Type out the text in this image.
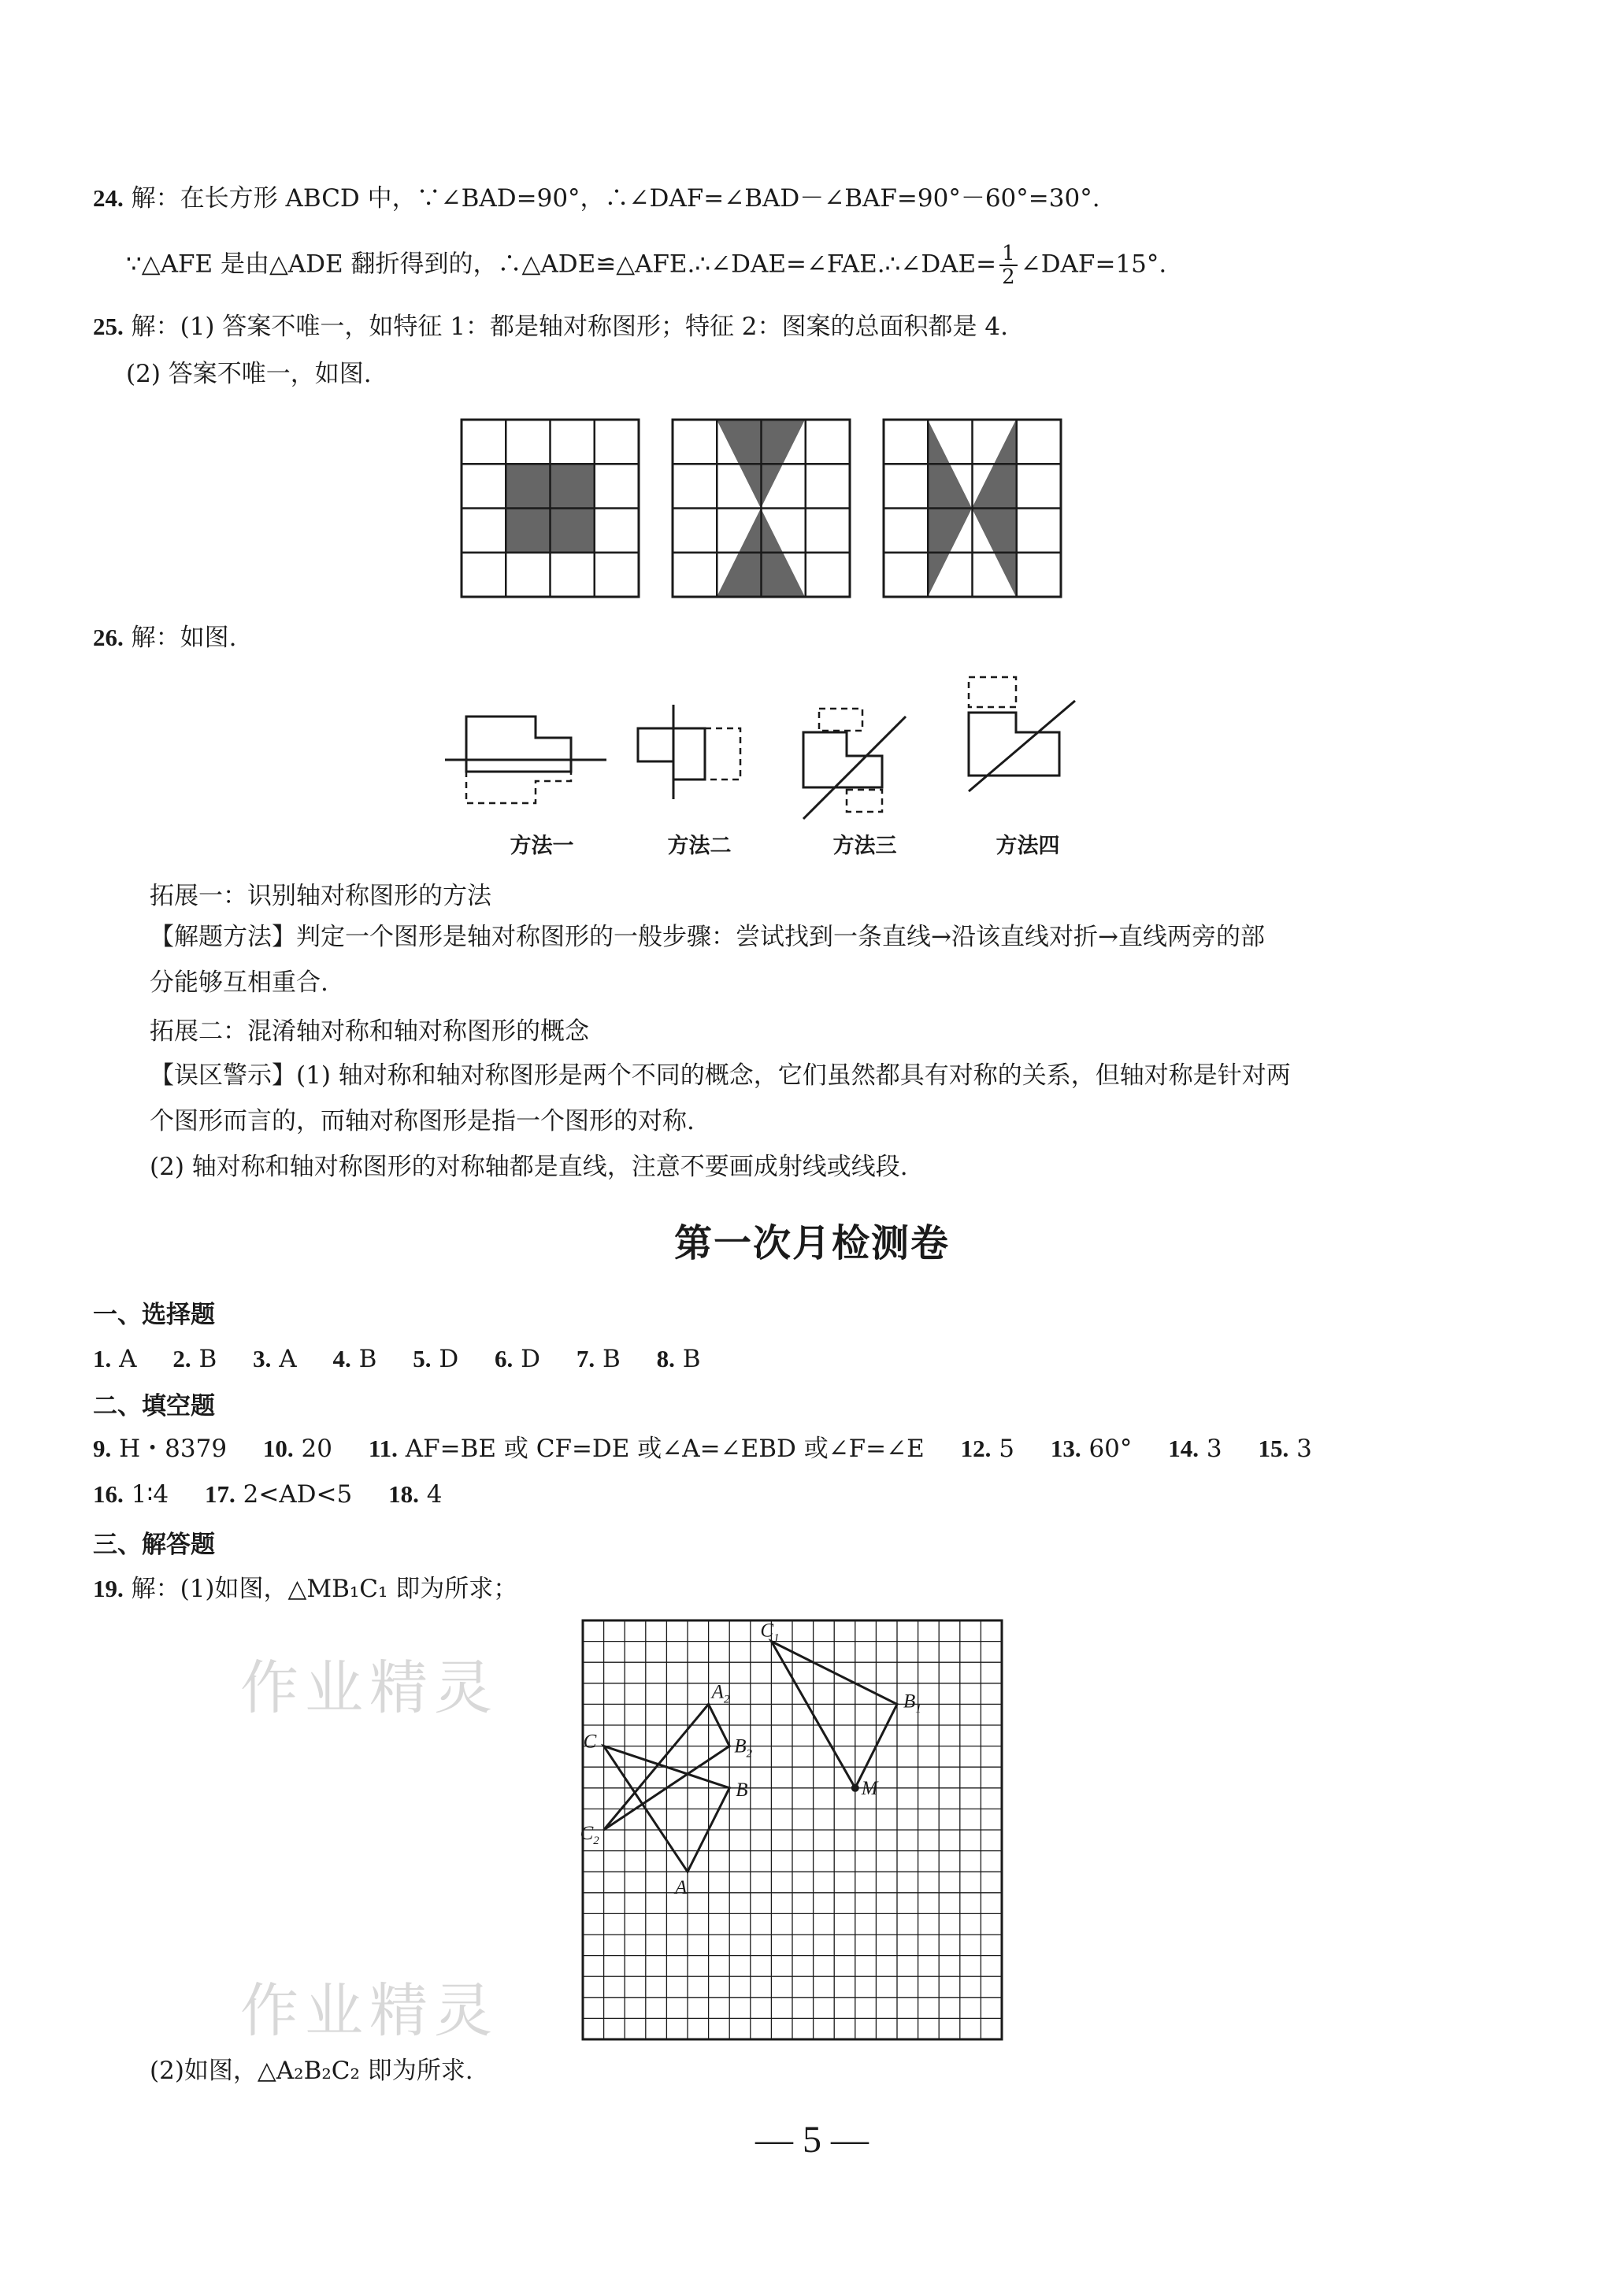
24. 解：在长方形 ABCD 中，∵∠BAD=90°，∴∠DAF=∠BAD－∠BAF=90°－60°=30°.
∵△AFE 是由△ADE 翻折得到的，∴△ADE≌△AFE.∴∠DAE=∠FAE.∴∠DAE= $\frac{1}{2}$ ∠DAF=15°.
25. 解：(1) 答案不唯一，如特征 1：都是轴对称图形；特征 2：图案的总面积都是 4.
(2) 答案不唯一，如图.
26. 解：如图.
方法一	方法二	方法三	方法四
拓展一：识别轴对称图形的方法
【解题方法】判定一个图形是轴对称图形的一般步骤：尝试找到一条直线→沿该直线对折→直线两旁的部
分能够互相重合.
拓展二：混淆轴对称和轴对称图形的概念
【误区警示】(1) 轴对称和轴对称图形是两个不同的概念，它们虽然都具有对称的关系，但轴对称是针对两
个图形而言的，而轴对称图形是指一个图形的对称.
(2) 轴对称和轴对称图形的对称轴都是直线，注意不要画成射线或线段.
第一次月检测卷
一、选择题
1. A 2. B 3. A 4. B 5. D 6. D 7. B 8. B
二、填空题
9. H・8379 10. 20 11. AF=BE 或 CF=DE 或∠A=∠EBD 或∠F=∠E 12. 5 13. 60° 14. 3 15. 3
16. 1∶4 17. 2<AD<5 18. 4
三、解答题
19. 解：(1)如图，△MB₁C₁ 即为所求；
作业精灵
作业精灵
$C_1$
$A_2$	$B_1$
C	$B_2$
B	M
$C_2$
A
(2)如图，△A₂B₂C₂ 即为所求.
— 5 —
